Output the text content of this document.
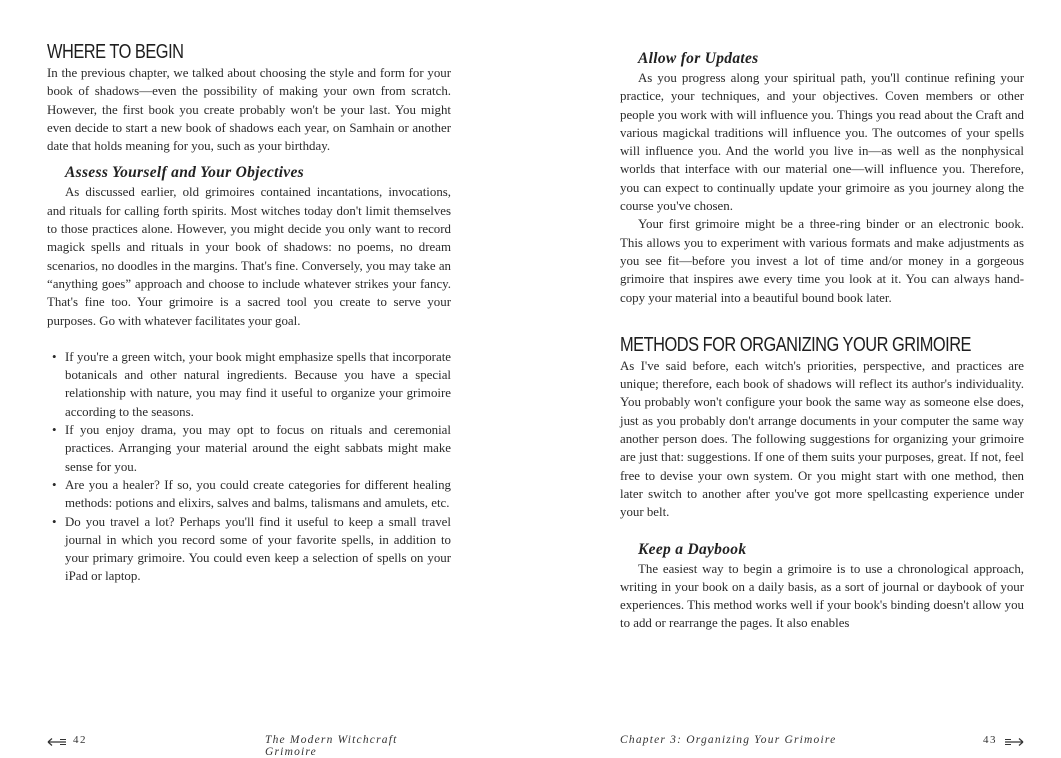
WHERE TO BEGIN

In the previous chapter, we talked about choosing the style and form for your book of shadows—even the possibility of making your own from scratch. However, the first book you create probably won't be your last. You might even decide to start a new book of shadows each year, on Samhain or another date that holds meaning for you, such as your birthday.

Assess Yourself and Your Objectives

As discussed earlier, old grimoires contained incantations, invocations, and rituals for calling forth spirits. Most witches today don't limit themselves to those practices alone. However, you might decide you only want to record magick spells and rituals in your book of shadows: no poems, no dream scenarios, no doodles in the margins. That's fine. Conversely, you may take an “anything goes” approach and choose to include whatever strikes your fancy. That's fine too. Your grimoire is a sacred tool you create to serve your purposes. Go with whatever facilitates your goal.

• If you're a green witch, your book might emphasize spells that incorporate botanicals and other natural ingredients. Because you have a special relationship with nature, you may find it useful to organize your grimoire according to the seasons.
• If you enjoy drama, you may opt to focus on rituals and ceremonial practices. Arranging your material around the eight sabbats might make sense for you.
• Are you a healer? If so, you could create categories for different healing methods: potions and elixirs, salves and balms, talismans and amulets, etc.
• Do you travel a lot? Perhaps you'll find it useful to keep a small travel journal in which you record some of your favorite spells, in addition to your primary grimoire. You could even keep a selection of spells on your iPad or laptop.
42	The Modern Witchcraft Grimoire
Allow for Updates

As you progress along your spiritual path, you'll continue refining your practice, your techniques, and your objectives. Coven members or other people you work with will influence you. Things you read about the Craft and various magickal traditions will influence you. The outcomes of your spells will influence you. And the world you live in—as well as the nonphysical worlds that interface with our material one—will influence you. Therefore, you can expect to continually update your grimoire as you journey along the course you've chosen.

Your first grimoire might be a three-ring binder or an electronic book. This allows you to experiment with various formats and make adjustments as you see fit—before you invest a lot of time and/or money in a gorgeous grimoire that inspires awe every time you look at it. You can always hand-copy your material into a beautiful bound book later.

METHODS FOR ORGANIZING YOUR GRIMOIRE

As I've said before, each witch's priorities, perspective, and practices are unique; therefore, each book of shadows will reflect its author's individuality. You probably won't configure your book the same way as someone else does, just as you probably don't arrange documents in your computer the same way another person does. The following suggestions for organizing your grimoire are just that: suggestions. If one of them suits your purposes, great. If not, feel free to devise your own system. Or you might start with one method, then later switch to another after you've got more spellcasting experience under your belt.

Keep a Daybook

The easiest way to begin a grimoire is to use a chronological approach, writing in your book on a daily basis, as a sort of journal or daybook of your experiences. This method works well if your book's binding doesn't allow you to add or rearrange the pages. It also enables

Chapter 3: Organizing Your Grimoire	43
